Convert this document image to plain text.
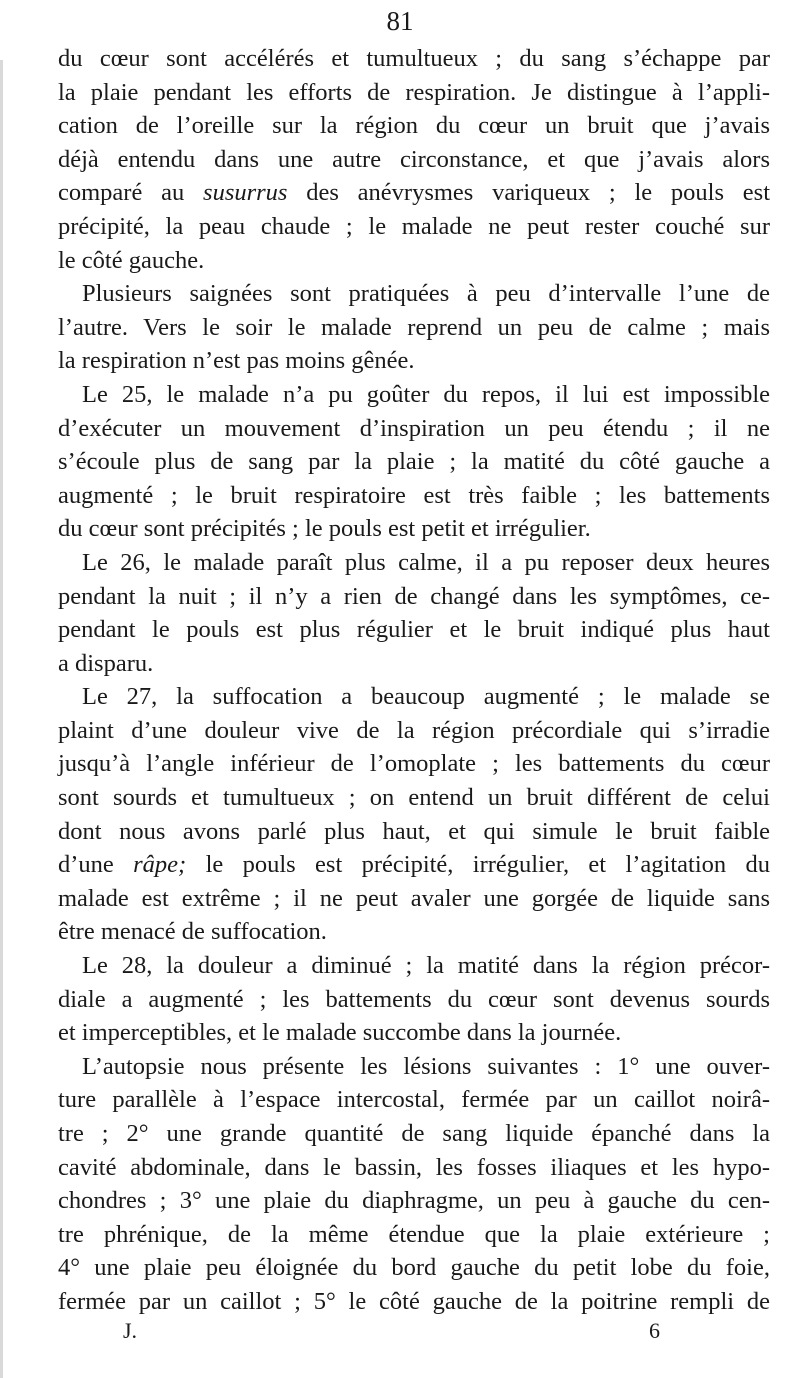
81
du cœur sont accélérés et tumultueux ; du sang s’échappe par
la plaie pendant les efforts de respiration. Je distingue à l’appli-
cation de l’oreille sur la région du cœur un bruit que j’avais
déjà entendu dans une autre circonstance, et que j’avais alors
comparé au susurrus des anévrysmes variqueux ; le pouls est
précipité, la peau chaude ; le malade ne peut rester couché sur
le côté gauche.
Plusieurs saignées sont pratiquées à peu d’intervalle l’une de
l’autre. Vers le soir le malade reprend un peu de calme ; mais
la respiration n’est pas moins gênée.
Le 25, le malade n’a pu goûter du repos, il lui est impossible
d’exécuter un mouvement d’inspiration un peu étendu ; il ne
s’écoule plus de sang par la plaie ; la matité du côté gauche a
augmenté ; le bruit respiratoire est très faible ; les battements
du cœur sont précipités ; le pouls est petit et irrégulier.
Le 26, le malade paraît plus calme, il a pu reposer deux heures
pendant la nuit ; il n’y a rien de changé dans les symptômes, ce-
pendant le pouls est plus régulier et le bruit indiqué plus haut
a disparu.
Le 27, la suffocation a beaucoup augmenté ; le malade se
plaint d’une douleur vive de la région précordiale qui s’irradie
jusqu’à l’angle inférieur de l’omoplate ; les battements du cœur
sont sourds et tumultueux ; on entend un bruit différent de celui
dont nous avons parlé plus haut, et qui simule le bruit faible
d’une râpe; le pouls est précipité, irrégulier, et l’agitation du
malade est extrême ; il ne peut avaler une gorgée de liquide sans
être menacé de suffocation.
Le 28, la douleur a diminué ; la matité dans la région précor-
diale a augmenté ; les battements du cœur sont devenus sourds
et imperceptibles, et le malade succombe dans la journée.
L’autopsie nous présente les lésions suivantes : 1° une ouver-
ture parallèle à l’espace intercostal, fermée par un caillot noirâ-
tre ; 2° une grande quantité de sang liquide épanché dans la
cavité abdominale, dans le bassin, les fosses iliaques et les hypo-
chondres ; 3° une plaie du diaphragme, un peu à gauche du cen-
tre phrénique, de la même étendue que la plaie extérieure ;
4° une plaie peu éloignée du bord gauche du petit lobe du foie,
fermée par un caillot ; 5° le côté gauche de la poitrine rempli de
J.	6
